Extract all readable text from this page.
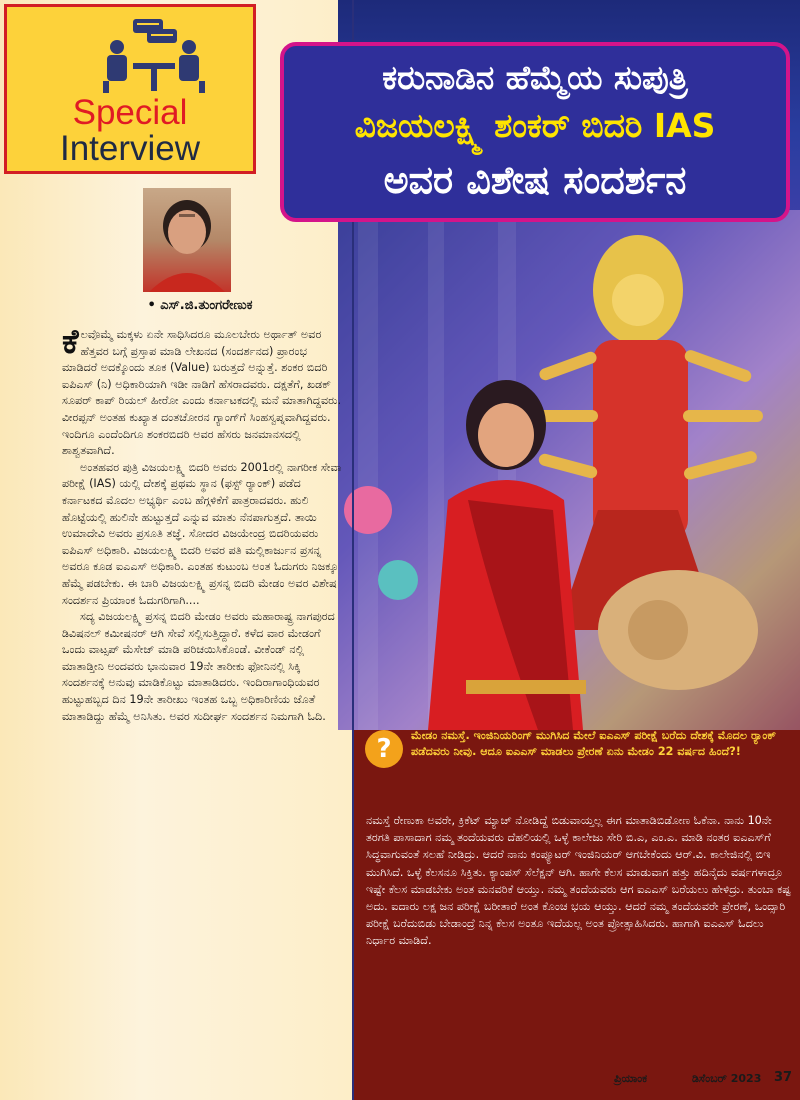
Special
Interview
ಕರುನಾಡಿನ ಹೆಮ್ಮೆಯ ಸುಪುತ್ರಿ
ವಿಜಯಲಕ್ಷ್ಮಿ ಶಂಕರ್ ಬಿದರಿ IAS
ಅವರ ವಿಶೇಷ ಸಂದರ್ಶನ
• ಎಸ್.ಜಿ.ತುಂಗರೇಣುಕ

ಕೆಲವೊಮ್ಮೆ ಮಕ್ಕಳು ಏನೇ ಸಾಧಿಸಿದರೂ ಮೂಲಬೇರು ಅರ್ಥಾತ್ ಅವರ ಹೆತ್ತವರ ಬಗ್ಗೆ ಪ್ರಸ್ತಾಪ ಮಾಡಿ ಲೇಖನದ (ಸಂದರ್ಶನದ) ಪ್ರಾರಂಭ ಮಾಡಿದರೆ ಅದಕ್ಕೊಂದು ತೂಕ (Value) ಬರುತ್ತದೆ ಅನ್ನುತ್ತೆ. ಶಂಕರ ಬಿದರಿ ಐಪಿಎಸ್ (ನಿ) ಅಧಿಕಾರಿಯಾಗಿ ಇಡೀ ನಾಡಿಗೆ ಹೆಸರಾದವರು. ದಕ್ಷತೆಗೆ, ಖಡಕ್ ಸೂಪರ್ ಕಾಪ್ ರಿಯಲ್ ಹೀರೋ ಎಂದು ಕರ್ನಾಟಕದಲ್ಲಿ ಮನೆ ಮಾತಾಗಿದ್ದವರು. ವೀರಪ್ಪನ್ ಅಂತಹ ಕುಖ್ಯಾತ ದಂತಚೋರನ ಗ್ಯಾಂಗ್‌ಗೆ ಸಿಂಹಸ್ವಪ್ನವಾಗಿದ್ದವರು. ಇಂದಿಗೂ ಎಂದೆಂದಿಗೂ ಶಂಕರಬಿದರಿ ಅವರ ಹೆಸರು ಜನಮಾನಸದಲ್ಲಿ ಶಾಶ್ವತವಾಗಿದೆ.

ಅಂತಹವರ ಪುತ್ರಿ ವಿಜಯಲಕ್ಷ್ಮಿ ಬಿದರಿ ಅವರು 2001ರಲ್ಲಿ ನಾಗರೀಕ ಸೇವಾ ಪರೀಕ್ಷೆ (IAS) ಯಲ್ಲಿ ದೇಶಕ್ಕೆ ಪ್ರಥಮ ಸ್ಥಾನ (ಫಸ್ಟ್ ರ್‍ಯಾಂಕ್) ಪಡೆದ ಕರ್ನಾಟಕದ ಮೊದಲ ಅಭ್ಯರ್ಥಿ ಎಂಬ ಹೆಗ್ಗಳಿಕೆಗೆ ಪಾತ್ರರಾದವರು. ಹುಲಿ ಹೊಟ್ಟೆಯಲ್ಲಿ ಹುಲಿನೇ ಹುಟ್ಟುತ್ತದೆ ಎನ್ನುವ ಮಾತು ನೆನಪಾಗುತ್ತದೆ. ತಾಯಿ ಉಮಾದೇವಿ ಅವರು ಪ್ರಸೂತಿ ತಜ್ಞೆ. ಸೋದರ ವಿಜಯೇಂದ್ರ ಬಿದರಿಯವರು ಐಪಿಎಸ್ ಅಧಿಕಾರಿ. ವಿಜಯಲಕ್ಷ್ಮಿ ಬಿದರಿ ಅವರ ಪತಿ ಮಲ್ಲಿಕಾರ್ಜುನ ಪ್ರಸನ್ನ ಅವರೂ ಕೂಡ ಐಎಎಸ್ ಅಧಿಕಾರಿ. ಎಂತಹ ಕುಟುಂಬ ಅಂತ ಓದುಗರು ನಿಜಕ್ಕೂ ಹೆಮ್ಮೆ ಪಡಬೇಕು. ಈ ಬಾರಿ ವಿಜಯಲಕ್ಷ್ಮಿ ಪ್ರಸನ್ನ ಬಿದರಿ ಮೇಡಂ ಅವರ ವಿಶೇಷ ಸಂದರ್ಶನ ಪ್ರಿಯಾಂಕ ಓದುಗರಿಗಾಗಿ....

ಸದ್ಯ ವಿಜಯಲಕ್ಷ್ಮಿ ಪ್ರಸನ್ನ ಬಿದರಿ ಮೇಡಂ ಅವರು ಮಹಾರಾಷ್ಟ್ರ ನಾಗಪುರದ ಡಿವಿಷನಲ್ ಕಮೀಷನರ್ ಆಗಿ ಸೇವೆ ಸಲ್ಲಿಸುತ್ತಿದ್ದಾರೆ. ಕಳೆದ ವಾರ ಮೇಡಂಗೆ ಒಂದು ವಾಟ್ಸಪ್ ಮೆಸೇಜ್ ಮಾಡಿ ಪರಿಚಯಿಸಿಕೊಂಡೆ. ವೀಕೆಂಡ್ ನಲ್ಲಿ ಮಾತಾಡ್ತೀನಿ ಅಂದವರು ಭಾನುವಾರ 19ನೇ ತಾರೀಕು ಫೋನಿನಲ್ಲಿ ಸಿಕ್ಕಿ ಸಂದರ್ಶನಕ್ಕೆ ಅನುವು ಮಾಡಿಕೊಟ್ಟು ಮಾತಾಡಿದರು. ಇಂದಿರಾಗಾಂಧಿಯವರ ಹುಟ್ಟುಹಬ್ಬದ ದಿನ 19ನೇ ತಾರೀಖು ಇಂತಹ ಒಬ್ಬ ಅಧಿಕಾರಿಣಿಯ ಜೊತೆ ಮಾತಾಡಿದ್ದು ಹೆಮ್ಮೆ ಅನಿಸಿತು. ಅವರ ಸುದೀರ್ಘ ಸಂದರ್ಶನ ನಿಮಗಾಗಿ ಓದಿ.

?	ಮೇಡಂ ನಮಸ್ತೆ. ಇಂಜಿನಿಯರಿಂಗ್ ಮುಗಿಸಿದ ಮೇಲೆ ಐಎಎಸ್ ಪರೀಕ್ಷೆ ಬರೆದು ದೇಶಕ್ಕೆ ಮೊದಲ ರ್‍ಯಾಂಕ್ ಪಡೆದವರು ನೀವು. ಆದೂ ಐಎಎಸ್ ಮಾಡಲು ಪ್ರೇರಣೆ ಏನು ಮೇಡಂ 22 ವರ್ಷದ ಹಿಂದೆ?!
ನಮಸ್ತೆ ರೇಣುಕಾ ಅವರೇ, ಕ್ರಿಕೆಟ್ ಮ್ಯಾಚ್ ನೋಡಿದ್ದೆ ಬಿಡುವಾಯ್ತಲ್ಲ ಈಗ ಮಾತಾಡಿಬಿಡೋಣ ಓಕೆನಾ. ನಾನು 10ನೇ ತರಗತಿ ಪಾಸಾದಾಗ ನಮ್ಮ ತಂದೆಯವರು ದೆಹಲಿಯಲ್ಲಿ ಒಳ್ಳೆ ಕಾಲೇಜು ಸೇರಿ ಬಿ.ಎ, ಎಂ.ಎ. ಮಾಡಿ ನಂತರ ಐಎಎಸ್‌ಗೆ ಸಿದ್ಧವಾಗುವಂತೆ ಸಲಹೆ ನೀಡಿದ್ರು. ಆದರೆ ನಾನು ಕಂಪ್ಯೂಟರ್ ಇಂಜಿನಿಯರ್ ಆಗಬೇಕೆಂದು ಆರ್.ವಿ. ಕಾಲೇಜಿನಲ್ಲಿ ಬಿಇ ಮುಗಿಸಿದೆ. ಒಳ್ಳೆ ಕೆಲಸನೂ ಸಿಕ್ತಿತು. ಕ್ಯಾಂಪಸ್ ಸೆಲೆಕ್ಷನ್ ಆಗಿ. ಹಾಗೇ ಕೆಲಸ ಮಾಡುವಾಗ ಹತ್ತು ಹದಿನೈದು ವರ್ಷಗಳಾದ್ರೂ ಇಷ್ಟೇ ಕೆಲಸ ಮಾಡಬೇಕು ಅಂತ ಮನವರಿಕೆ ಆಯ್ತು. ನಮ್ಮ ತಂದೆಯವರು ಆಗ ಐಎಎಸ್ ಬರೆಯಲು ಹೇಳಿದ್ರು. ತುಂಬಾ ಕಷ್ಟ ಅದು. ಐದಾರು ಲಕ್ಷ ಜನ ಪರೀಕ್ಷೆ ಬರೀತಾರೆ ಅಂತ ಕೊಂಚ ಭಯ ಆಯ್ತು. ಆದರೆ ನಮ್ಮ ತಂದೆಯವರೇ ಪ್ರೇರಣೆ, ಒಂದ್ಸಾರಿ ಪರೀಕ್ಷೆ ಬರೆದುಬಿಡು ಬೇಡಾಂದ್ರೆ ನಿನ್ನ ಕೆಲಸ ಅಂತೂ ಇದೆಯಲ್ಲ ಅಂತ ಪ್ರೋತ್ಸಾಹಿಸಿದರು. ಹಾಗಾಗಿ ಐಎಎಸ್ ಓದಲು ನಿರ್ಧಾರ ಮಾಡಿದೆ.
ಪ್ರಿಯಾಂಕ	ಡಿಸೆಂಬರ್ 2023 37
